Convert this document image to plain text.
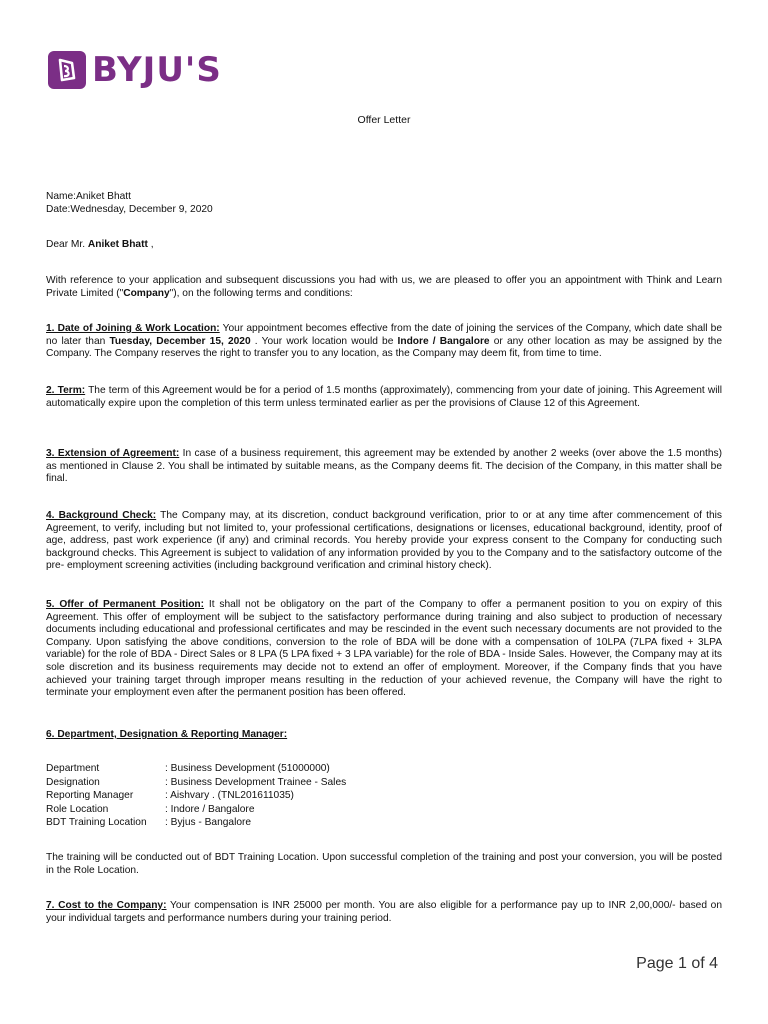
BYJU'S
Offer Letter
Name:Aniket Bhatt
Date:Wednesday, December 9, 2020
Dear Mr. Aniket Bhatt ,

With reference to your application and subsequent discussions you had with us, we are pleased to offer you an appointment with Think and Learn Private Limited ("Company"), on the following terms and conditions:

1. Date of Joining & Work Location: Your appointment becomes effective from the date of joining the services of the Company, which date shall be no later than Tuesday, December 15, 2020 . Your work location would be Indore / Bangalore or any other location as may be assigned by the Company. The Company reserves the right to transfer you to any location, as the Company may deem fit, from time to time.

2. Term: The term of this Agreement would be for a period of 1.5 months (approximately), commencing from your date of joining. This Agreement will automatically expire upon the completion of this term unless terminated earlier as per the provisions of Clause 12 of this Agreement.

3. Extension of Agreement: In case of a business requirement, this agreement may be extended by another 2 weeks (over above the 1.5 months) as mentioned in Clause 2. You shall be intimated by suitable means, as the Company deems fit. The decision of the Company, in this matter shall be final.

4. Background Check: The Company may, at its discretion, conduct background verification, prior to or at any time after commencement of this Agreement, to verify, including but not limited to, your professional certifications, designations or licenses, educational background, identity, proof of age, address, past work experience (if any) and criminal records. You hereby provide your express consent to the Company for conducting such background checks. This Agreement is subject to validation of any information provided by you to the Company and to the satisfactory outcome of the pre- employment screening activities (including background verification and criminal history check).

5. Offer of Permanent Position: It shall not be obligatory on the part of the Company to offer a permanent position to you on expiry of this Agreement. This offer of employment will be subject to the satisfactory performance during training and also subject to production of necessary documents including educational and professional certificates and may be rescinded in the event such necessary documents are not provided to the Company. Upon satisfying the above conditions, conversion to the role of BDA will be done with a compensation of 10LPA (7LPA fixed + 3LPA variable) for the role of BDA - Direct Sales or 8 LPA (5 LPA fixed + 3 LPA variable) for the role of BDA - Inside Sales. However, the Company may at its sole discretion and its business requirements may decide not to extend an offer of employment. Moreover, if the Company finds that you have achieved your training target through improper means resulting in the reduction of your achieved revenue, the Company will have the right to terminate your employment even after the permanent position has been offered.

6. Department, Designation & Reporting Manager:

Department	: Business Development (51000000)
Designation	: Business Development Trainee - Sales
Reporting Manager	: Aishvary . (TNL201611035)
Role Location	: Indore / Bangalore
BDT Training Location	: Byjus - Bangalore

The training will be conducted out of BDT Training Location. Upon successful completion of the training and post your conversion, you will be posted in the Role Location.

7. Cost to the Company: Your compensation is INR 25000 per month. You are also eligible for a performance pay up to INR 2,00,000/- based on your individual targets and performance numbers during your training period.

Page 1 of 4
